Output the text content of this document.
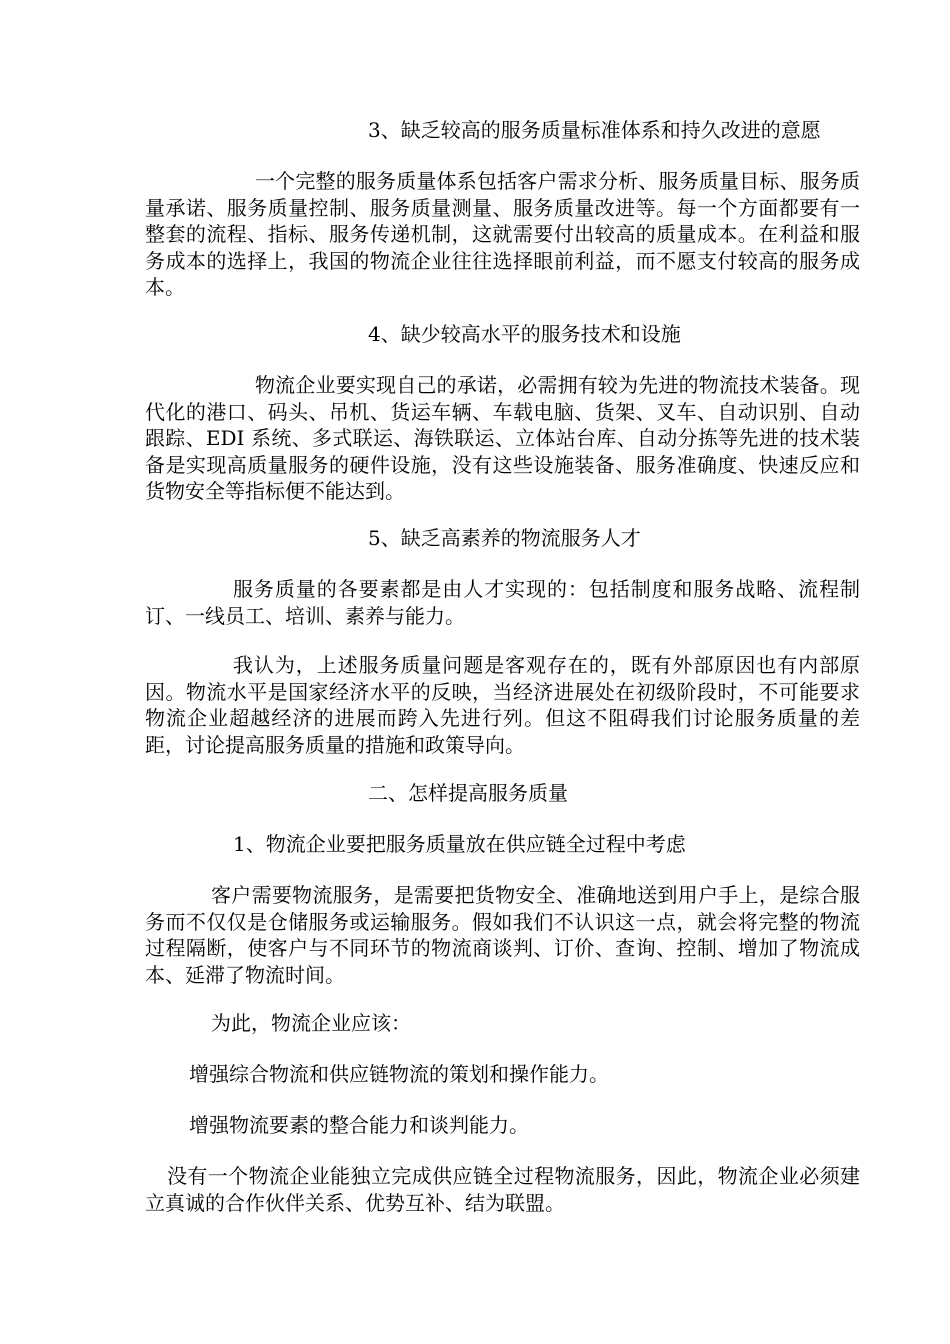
3、缺乏较高的服务质量标准体系和持久改进的意愿

一个完整的服务质量体系包括客户需求分析、服务质量目标、服务质量承诺、服务质量控制、服务质量测量、服务质量改进等。每一个方面都要有一整套的流程、指标、服务传递机制，这就需要付出较高的质量成本。在利益和服务成本的选择上，我国的物流企业往往选择眼前利益，而不愿支付较高的服务成本。

4、缺少较高水平的服务技术和设施

物流企业要实现自己的承诺，必需拥有较为先进的物流技术装备。现代化的港口、码头、吊机、货运车辆、车载电脑、货架、叉车、自动识别、自动跟踪、EDI 系统、多式联运、海铁联运、立体站台库、自动分拣等先进的技术装备是实现高质量服务的硬件设施，没有这些设施装备、服务准确度、快速反应和货物安全等指标便不能达到。

5、缺乏高素养的物流服务人才

服务质量的各要素都是由人才实现的：包括制度和服务战略、流程制订、一线员工、培训、素养与能力。

我认为，上述服务质量问题是客观存在的，既有外部原因也有内部原因。物流水平是国家经济水平的反映，当经济进展处在初级阶段时，不可能要求物流企业超越经济的进展而跨入先进行列。但这不阻碍我们讨论服务质量的差距，讨论提高服务质量的措施和政策导向。

二、怎样提高服务质量
1、物流企业要把服务质量放在供应链全过程中考虑

客户需要物流服务，是需要把货物安全、准确地送到用户手上，是综合服务而不仅仅是仓储服务或运输服务。假如我们不认识这一点，就会将完整的物流过程隔断，使客户与不同环节的物流商谈判、订价、查询、控制、增加了物流成本、延滞了物流时间。

为此，物流企业应该：

增强综合物流和供应链物流的策划和操作能力。

增强物流要素的整合能力和谈判能力。

没有一个物流企业能独立完成供应链全过程物流服务，因此，物流企业必须建立真诚的合作伙伴关系、优势互补、结为联盟。
